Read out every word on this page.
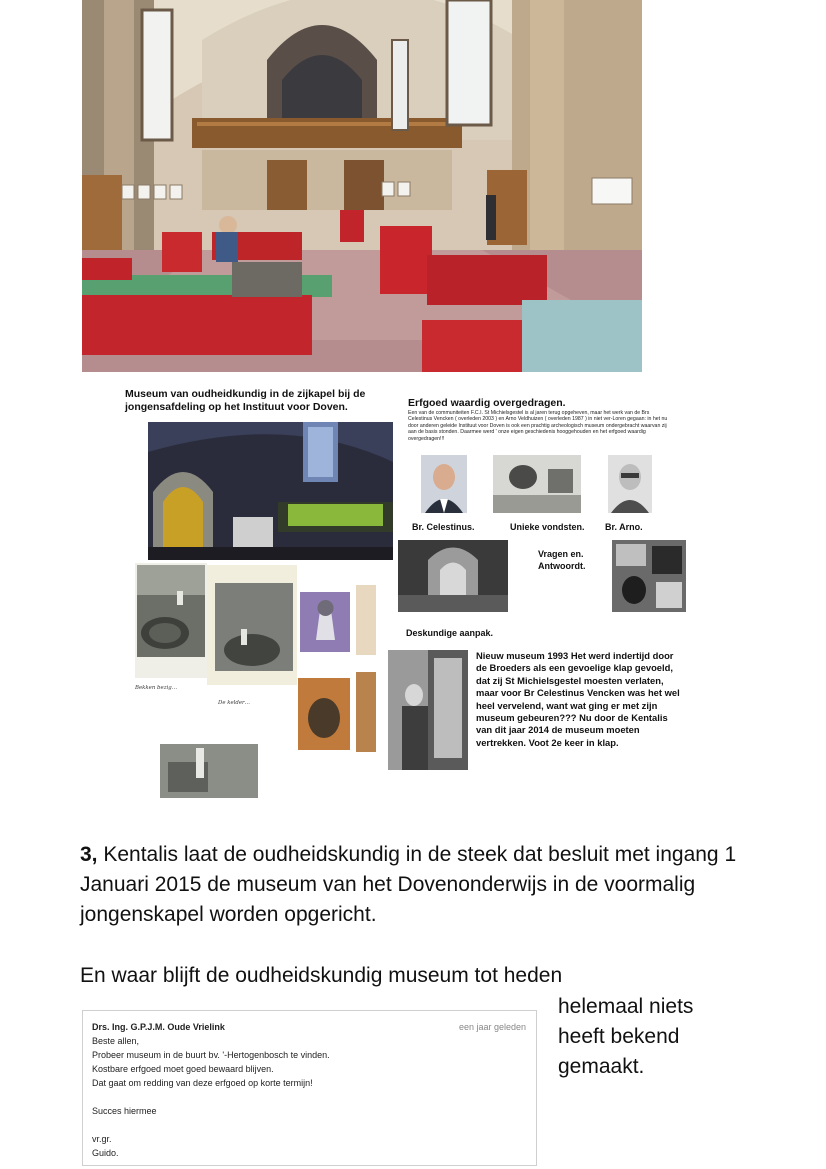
Museum van oudheidkundig in de zijkapel bij de jongensafdeling op het Instituut voor Doven.
Bekken bezig…
De kelder…
Erfgoed waardig overgedragen.
Een van de communiteiten F.C.I. St Michielsgestel is al jaren terug opgeheven, maar het werk van de Brs Celestinus Vencken ( overleden 2003 ) en Arno Veldhuizen ( overleden 1987 ) in niet ver-Loren gegaan: in het nu door anderen geleide Instituut voor Doven is ook een prachtig archeologisch museum ondergebracht waarvan zij aan de basis stonden. Daarmee werd ' onze eigen geschiedenis hooggehouden en het erfgoed waardig overgedragen!!!
Br. Celestinus.	Unieke vondsten. Br. Arno.
Vragen en. Antwoordt.
Deskundige aanpak.
Nieuw museum 1993 Het werd indertijd door de Broeders als een gevoelige klap gevoeld, dat zij St Michielsgestel moesten verlaten, maar voor Br Celestinus Vencken was het wel heel vervelend, want wat ging er met zijn museum gebeuren??? Nu door de Kentalis van dit jaar 2014 de museum moeten vertrekken. Voot 2e keer in klap.
3, Kentalis laat de oudheidskundig in de steek dat besluit met ingang 1 Januari 2015 de museum van het Dovenonderwijs in de voormalig jongenskapel worden opgericht.
En waar blijft de oudheidskundig museum tot heden
helemaal niets
heeft bekend
gemaakt.
Drs. Ing. G.P.J.M. Oude Vrielink	een jaar geleden
Beste allen,
Probeer museum in de buurt bv. '-Hertogenbosch te vinden.
Kostbare erfgoed moet goed bewaard blijven.
Dat gaat om redding van deze erfgoed op korte termijn!
Succes hiermee
vr.gr.
Guido.
